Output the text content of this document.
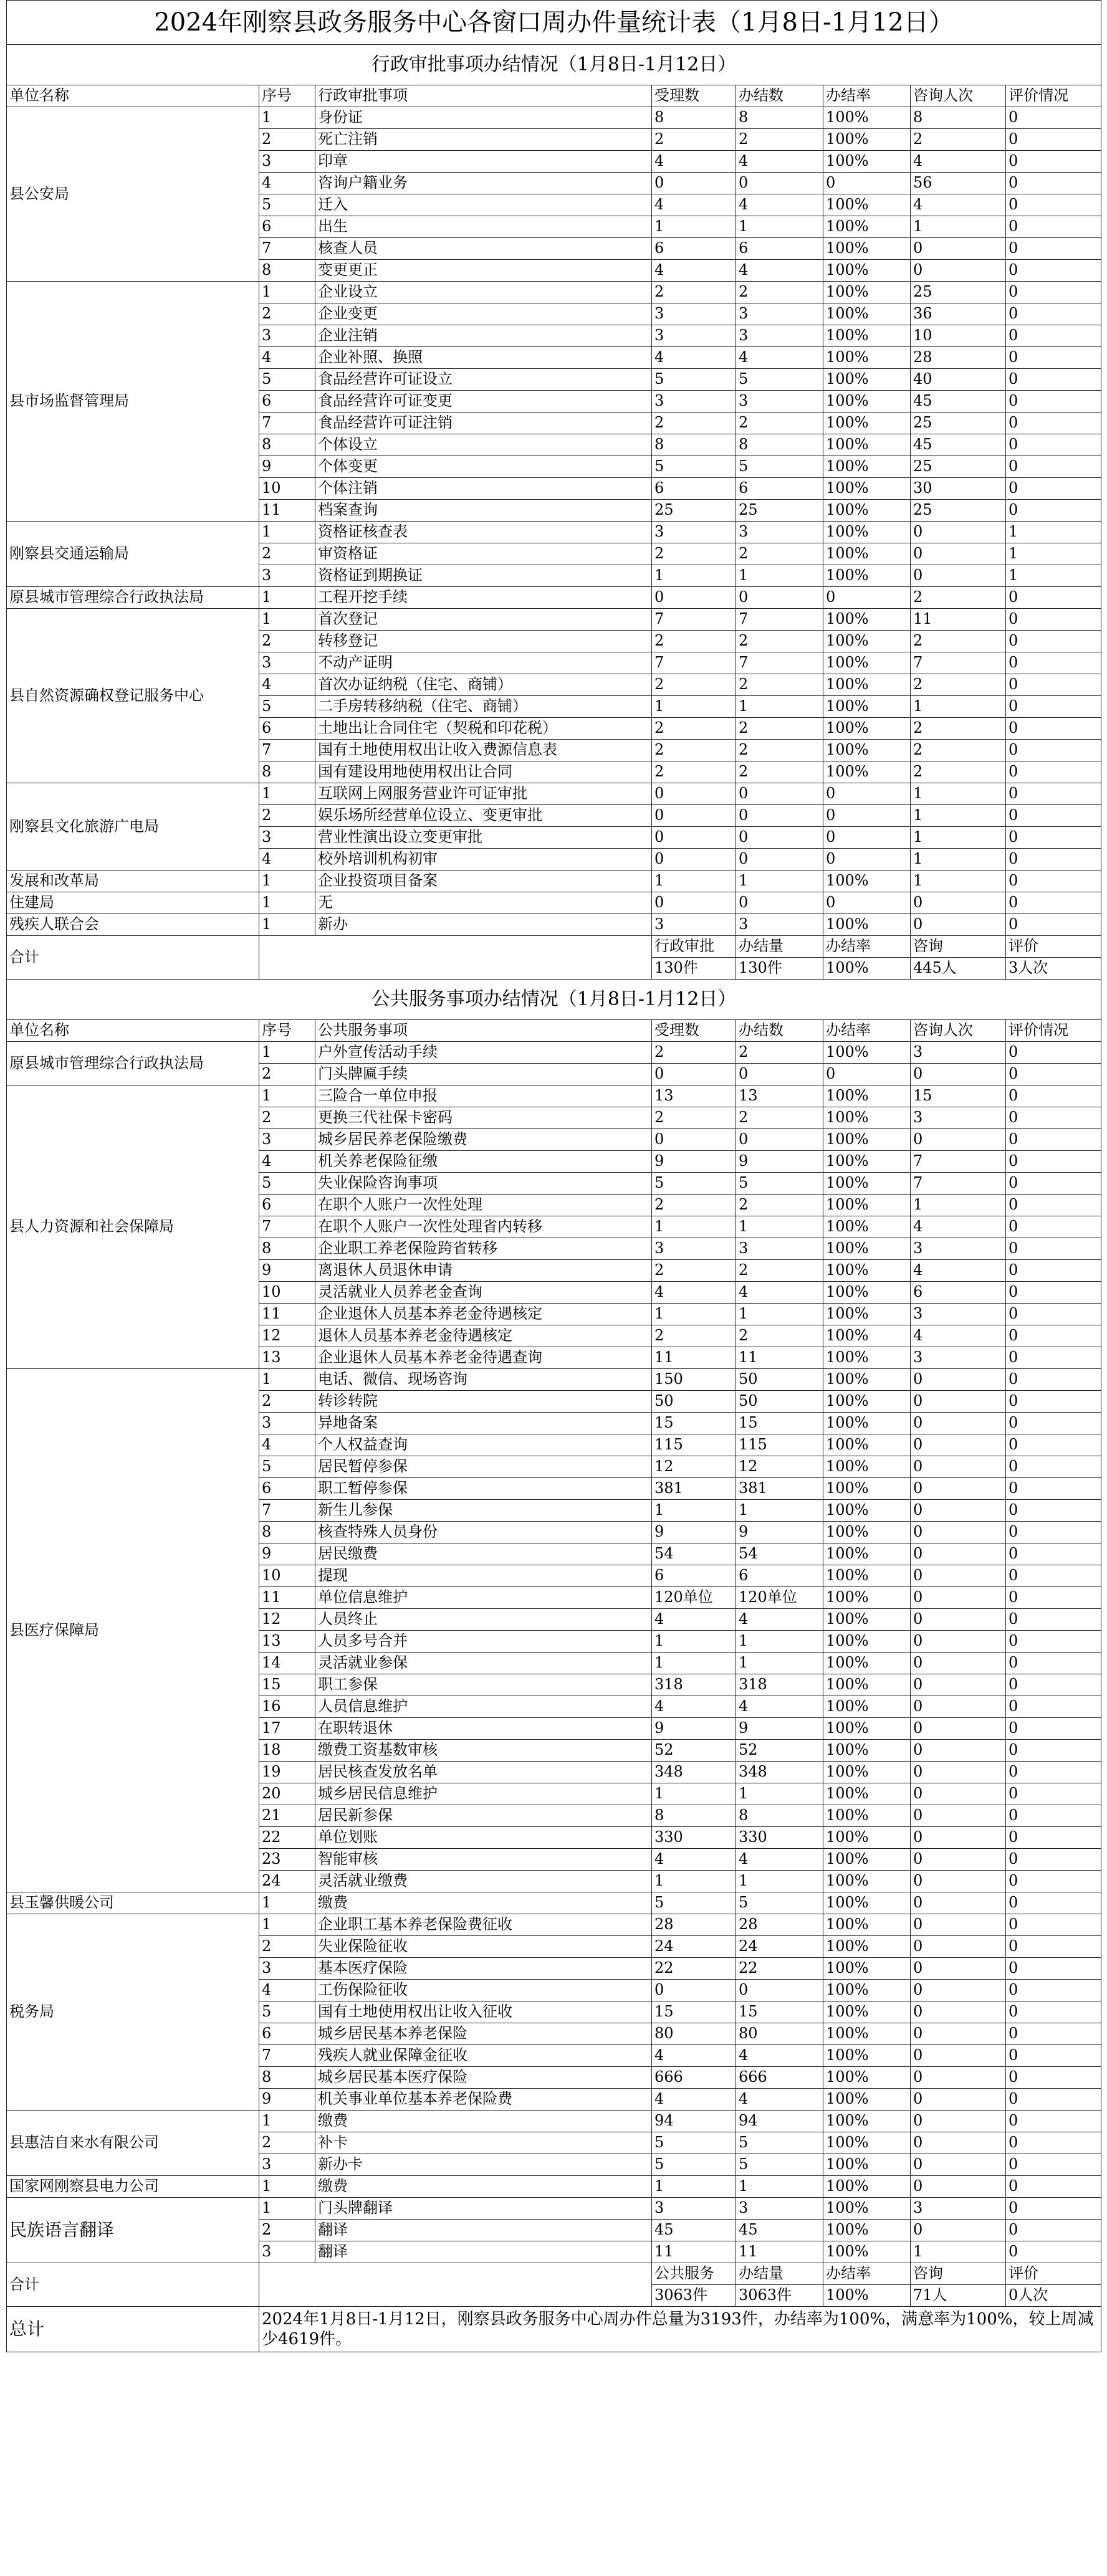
2024年刚察县政务服务中心各窗口周办件量统计表（1月8日-1月12日）							
行政审批事项办结情况（1月8日-1月12日）							
单位名称	序号	行政审批事项	受理数	办结数	办结率	咨询人次	评价情况
县公安局	1	身份证	8	8	100%	8	0
	2	死亡注销	2	2	100%	2	0
	3	印章	4	4	100%	4	0
	4	咨询户籍业务	0	0	0	56	0
	5	迁入	4	4	100%	4	0
	6	出生	1	1	100%	1	0
	7	核查人员	6	6	100%	0	0
	8	变更更正	4	4	100%	0	0
县市场监督管理局	1	企业设立	2	2	100%	25	0
	2	企业变更	3	3	100%	36	0
	3	企业注销	3	3	100%	10	0
	4	企业补照、换照	4	4	100%	28	0
	5	食品经营许可证设立	5	5	100%	40	0
	6	食品经营许可证变更	3	3	100%	45	0
	7	食品经营许可证注销	2	2	100%	25	0
	8	个体设立	8	8	100%	45	0
	9	个体变更	5	5	100%	25	0
	10	个体注销	6	6	100%	30	0
	11	档案查询	25	25	100%	25	0
刚察县交通运输局	1	资格证核查表	3	3	100%	0	1
	2	审资格证	2	2	100%	0	1
	3	资格证到期换证	1	1	100%	0	1
原县城市管理综合行政执法局	1	工程开挖手续	0	0	0	2	0
县自然资源确权登记服务中心	1	首次登记	7	7	100%	11	0
	2	转移登记	2	2	100%	2	0
	3	不动产证明	7	7	100%	7	0
	4	首次办证纳税（住宅、商铺）	2	2	100%	2	0
	5	二手房转移纳税（住宅、商铺）	1	1	100%	1	0
	6	土地出让合同住宅（契税和印花税）	2	2	100%	2	0
	7	国有土地使用权出让收入费源信息表	2	2	100%	2	0
	8	国有建设用地使用权出让合同	2	2	100%	2	0
刚察县文化旅游广电局	1	互联网上网服务营业许可证审批	0	0	0	1	0
	2	娱乐场所经营单位设立、变更审批	0	0	0	1	0
	3	营业性演出设立变更审批	0	0	0	1	0
	4	校外培训机构初审	0	0	0	1	0
发展和改革局	1	企业投资项目备案	1	1	100%	1	0
住建局	1	无	0	0	0	0	0
残疾人联合会	1	新办	3	3	100%	0	0
合计			行政审批	办结量	办结率	咨询	评价
			130件	130件	100%	445人	3人次
公共服务事项办结情况（1月8日-1月12日）							
单位名称	序号	公共服务事项	受理数	办结数	办结率	咨询人次	评价情况
原县城市管理综合行政执法局	1	户外宣传活动手续	2	2	100%	3	0
	2	门头牌匾手续	0	0	0	0	0
县人力资源和社会保障局	1	三险合一单位申报	13	13	100%	15	0
	2	更换三代社保卡密码	2	2	100%	3	0
	3	城乡居民养老保险缴费	0	0	100%	0	0
	4	机关养老保险征缴	9	9	100%	7	0
	5	失业保险咨询事项	5	5	100%	7	0
	6	在职个人账户一次性处理	2	2	100%	1	0
	7	在职个人账户一次性处理省内转移	1	1	100%	4	0
	8	企业职工养老保险跨省转移	3	3	100%	3	0
	9	离退休人员退休申请	2	2	100%	4	0
	10	灵活就业人员养老金查询	4	4	100%	6	0
	11	企业退休人员基本养老金待遇核定	1	1	100%	3	0
	12	退休人员基本养老金待遇核定	2	2	100%	4	0
	13	企业退休人员基本养老金待遇查询	11	11	100%	3	0
县医疗保障局	1	电话、微信、现场咨询	150	50	100%	0	0
	2	转诊转院	50	50	100%	0	0
	3	异地备案	15	15	100%	0	0
	4	个人权益查询	115	115	100%	0	0
	5	居民暂停参保	12	12	100%	0	0
	6	职工暂停参保	381	381	100%	0	0
	7	新生儿参保	1	1	100%	0	0
	8	核查特殊人员身份	9	9	100%	0	0
	9	居民缴费	54	54	100%	0	0
	10	提现	6	6	100%	0	0
	11	单位信息维护	120单位	120单位	100%	0	0
	12	人员终止	4	4	100%	0	0
	13	人员多号合并	1	1	100%	0	0
	14	灵活就业参保	1	1	100%	0	0
	15	职工参保	318	318	100%	0	0
	16	人员信息维护	4	4	100%	0	0
	17	在职转退休	9	9	100%	0	0
	18	缴费工资基数审核	52	52	100%	0	0
	19	居民核查发放名单	348	348	100%	0	0
	20	城乡居民信息维护	1	1	100%	0	0
	21	居民新参保	8	8	100%	0	0
	22	单位划账	330	330	100%	0	0
	23	智能审核	4	4	100%	0	0
	24	灵活就业缴费	1	1	100%	0	0
县玉馨供暖公司	1	缴费	5	5	100%	0	0
税务局	1	企业职工基本养老保险费征收	28	28	100%	0	0
	2	失业保险征收	24	24	100%	0	0
	3	基本医疗保险	22	22	100%	0	0
	4	工伤保险征收	0	0	100%	0	0
	5	国有土地使用权出让收入征收	15	15	100%	0	0
	6	城乡居民基本养老保险	80	80	100%	0	0
	7	残疾人就业保障金征收	4	4	100%	0	0
	8	城乡居民基本医疗保险	666	666	100%	0	0
	9	机关事业单位基本养老保险费	4	4	100%	0	0
县惠洁自来水有限公司	1	缴费	94	94	100%	0	0
	2	补卡	5	5	100%	0	0
	3	新办卡	5	5	100%	0	0
国家网刚察县电力公司	1	缴费	1	1	100%	0	0
民族语言翻译	1	门头牌翻译	3	3	100%	3	0
	2	翻译	45	45	100%	0	0
	3	翻译	11	11	100%	1	0
合计			公共服务	办结量	办结率	咨询	评价
			3063件	3063件	100%	71人	0人次
总计	2024年1月8日-1月12日，刚察县政务服务中心周办件总量为3193件，办结率为100%，满意率为100%，较上周减少4619件。						
